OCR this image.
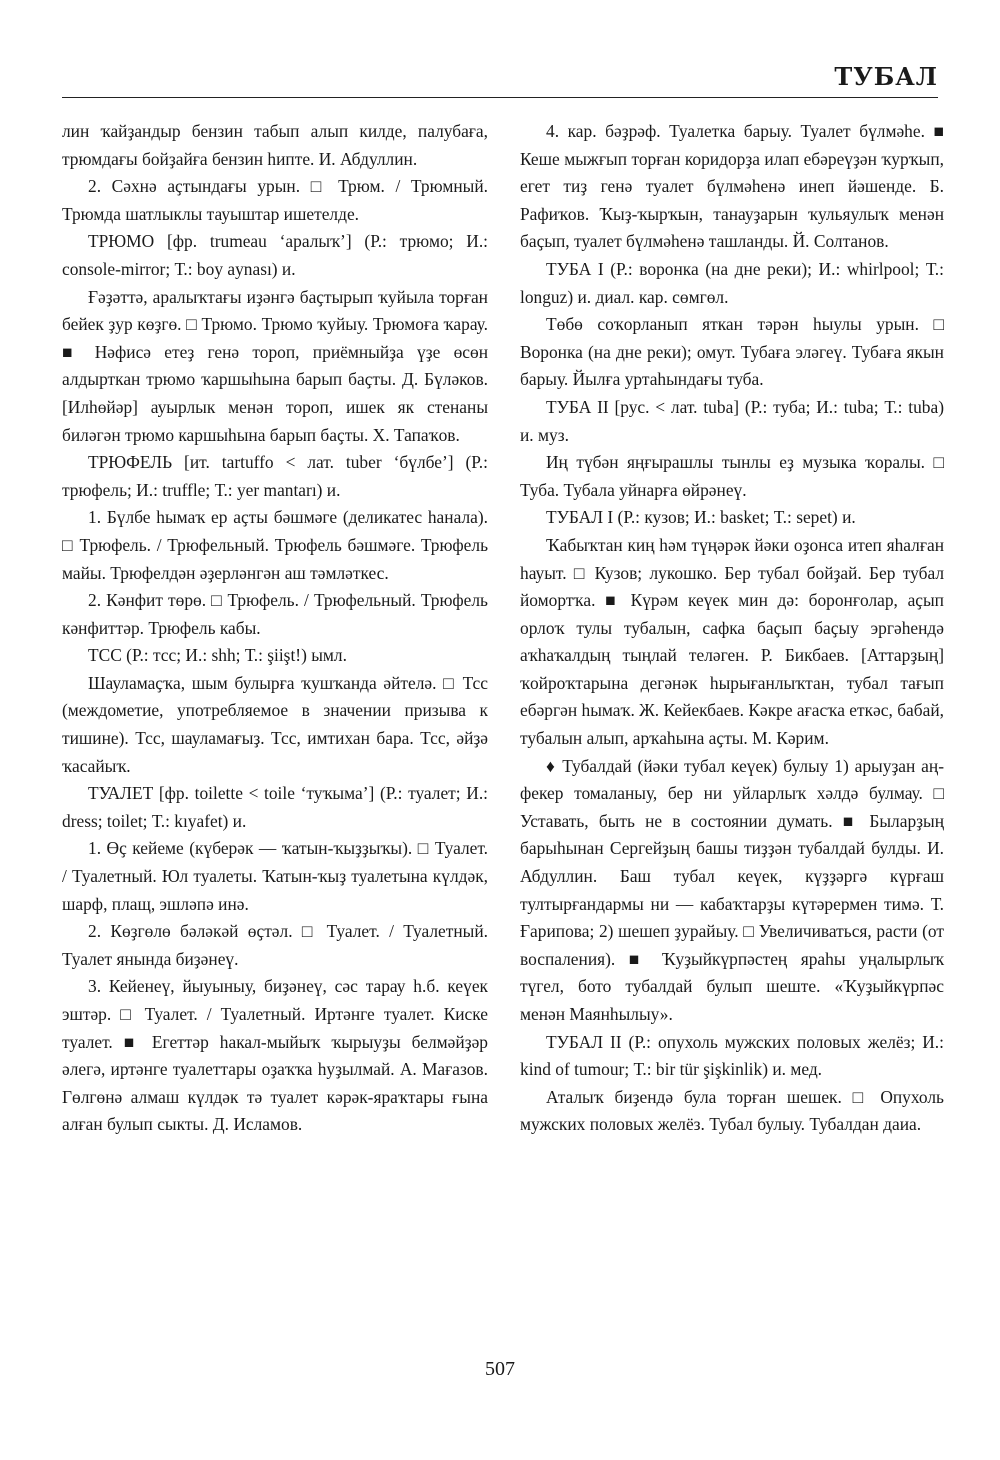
ТУБАЛ

лин ҡайҙандыр бензин табып алып килде, палубаға, трюмдағы бойҙайға бензин һипте. И. Абдуллин.

2. Сәхнә аҫтындағы урын. □ Трюм. / Трюмный. Трюмда шатлыклы тауыштар ишетелде.

ТРЮМО [фр. trumeau ‘аралыҡ’] (Р.: трюмо; И.: console-mirror; Т.: boy aynası) и.

Ғәҙәттә, аралыҡтағы иҙәнгә баҫтырып ҡуйыла торған бейек ҙур көҙгө. □ Трюмо. Трюмо ҡуйыу. Трюмоға ҡарау. ■ Нәфисә етеҙ генә тороп, приёмныйҙа үҙе өсөн алдырткан трюмо ҡаршыһына барып баҫты. Д. Бүләков. [Илһөйәр] ауырлык менән тороп, ишек як стенаны биләгән трюмо каршыһына барып баҫты. Х. Тапаҡов.

ТРЮФЕЛЬ [ит. tartuffo < лат. tuber ‘бүлбе’] (Р.: трюфель; И.: truffle; Т.: yer mantarı) и.

1. Бүлбе һымаҡ ер аҫты бәшмәге (деликатес һанала). □ Трюфель. / Трюфельный. Трюфель бәшмәге. Трюфель майы. Трюфелдән әҙерләнгән аш тәмләткес.

2. Кәнфит төрө. □ Трюфель. / Трюфельный. Трюфель кәнфиттәр. Трюфель кабы.

ТСС (Р.: тсс; И.: shh; Т.: şiişt!) ымл.

Шауламаҫҡа, шым булырға ҡушҡанда әйтелә. □ Тсс (междометие, употребляемое в значении призыва к тишине). Тсс, шауламағыҙ. Тсс, имтихан бара. Тсс, әйҙә ҡасайыҡ.

ТУАЛЕТ [фр. toilette < toile ‘туҡыма’] (Р.: туалет; И.: dress; toilet; Т.: kıyafet) и.

1. Өҫ кейеме (күберәк — ҡатын-ҡыҙҙыҡы). □ Туалет. / Туалетный. Юл туалеты. Ҡатын-ҡыҙ туалетына күлдәк, шарф, плащ, эшләпә инә.

2. Көҙгөлө бәләкәй өҫтәл. □ Туалет. / Туалетный. Туалет янында биҙәнеү.

3. Кейенеү, йыуыныу, биҙәнеү, сәс тарау һ.б. кеүек эштәр. □ Туалет. / Туалетный. Иртәнге туалет. Киске туалет. ■ Егеттәр һакал-мыйыҡ ҡырыуҙы белмәйҙәр әлегә, иртәнге туалеттары оҙаҡҡа һуҙылмай. А. Мағазов. Гөлгөнә алмаш күлдәк тә туалет кәрәк-яраҡтары ғына алған булып сыкты. Д. Исламов.

4. кар. бәҙрәф. Туалетка барыу. Туалет бүлмәһе. ■ Кеше мыжғып торған коридорҙа илап ебәреүҙән ҡурҡып, егет тиҙ генә туалет бүлмәһенә инеп йәшенде. Б. Рафиҡов. Ҡыҙ-ҡырҡын, танауҙарын ҡульяулыҡ менән баҫып, туалет бүлмәһенә ташланды. Й. Солтанов.

ТУБА I (Р.: воронка (на дне реки); И.: whirlpool; Т.: longuz) и. диал. кар. сөмгөл.

Төбө соҡорланып яткан тәрән һыулы урын. □ Воронка (на дне реки); омут. Тубаға эләгеү. Тубаға якын барыу. Йылға уртаһындағы туба.

ТУБА II [рус. < лат. tuba] (Р.: туба; И.: tuba; Т.: tuba) и. муз.

Иң түбән яңғырашлы тынлы еҙ музыка ҡоралы. □ Туба. Тубала уйнарға өйрәнеү.

ТУБАЛ I (Р.: кузов; И.: basket; Т.: sepet) и.

Ҡабыҡтан киң һәм түңәрәк йәки оҙонса итеп яһалған һауыт. □ Кузов; лукошко. Бер тубал бойҙай. Бер тубал йомортҡа. ■ Күрәм кеүек мин дә: боронғолар, аҫып орлоҡ тулы тубалын, сафка баҫып баҫыу эргәһендә аҡһаҡалдың тыңлай теләген. Р. Бикбаев. [Аттарҙың] ҡойроҡтарына дегәнәк һырығанлыҡтан, тубал тағып ебәргән һымаҡ. Ж. Кейекбаев. Кәкре ағасҡа еткәс, бабай, тубалын алып, арҡаһына аҫты. М. Кәрим.

♦ Тубалдай (йәки тубал кеүек) булыу 1) арыуҙан аң-фекер томаланыу, бер ни уйларлыҡ хәлдә булмау. □ Уставать, быть не в состоянии думать. ■ Быларҙың барыһынан Сергейҙың башы тиҙҙән тубалдай булды. И. Абдуллин. Баш тубал кеүек, күҙҙәргә күрғаш тултырғандармы ни — кабаҡтарҙы күтәрермен тимә. Т. Ғарипова; 2) шешеп ҙурайыу. □ Увеличиваться, расти (от воспаления). ■ Ҡуҙыйкүрпәстең яраһы уңалырлыҡ түгел, бото тубалдай булып шеште. «Ҡуҙыйкүрпәс менән Маянһылыу».

ТУБАЛ II (Р.: опухоль мужских половых желёз; И.: kind of tumour; Т.: bir tür şişkinlik) и. мед.

Аталыҡ биҙендә була торған шешек. □ Опухоль мужских половых желёз. Тубал булыу. Тубалдан даиа.

507
